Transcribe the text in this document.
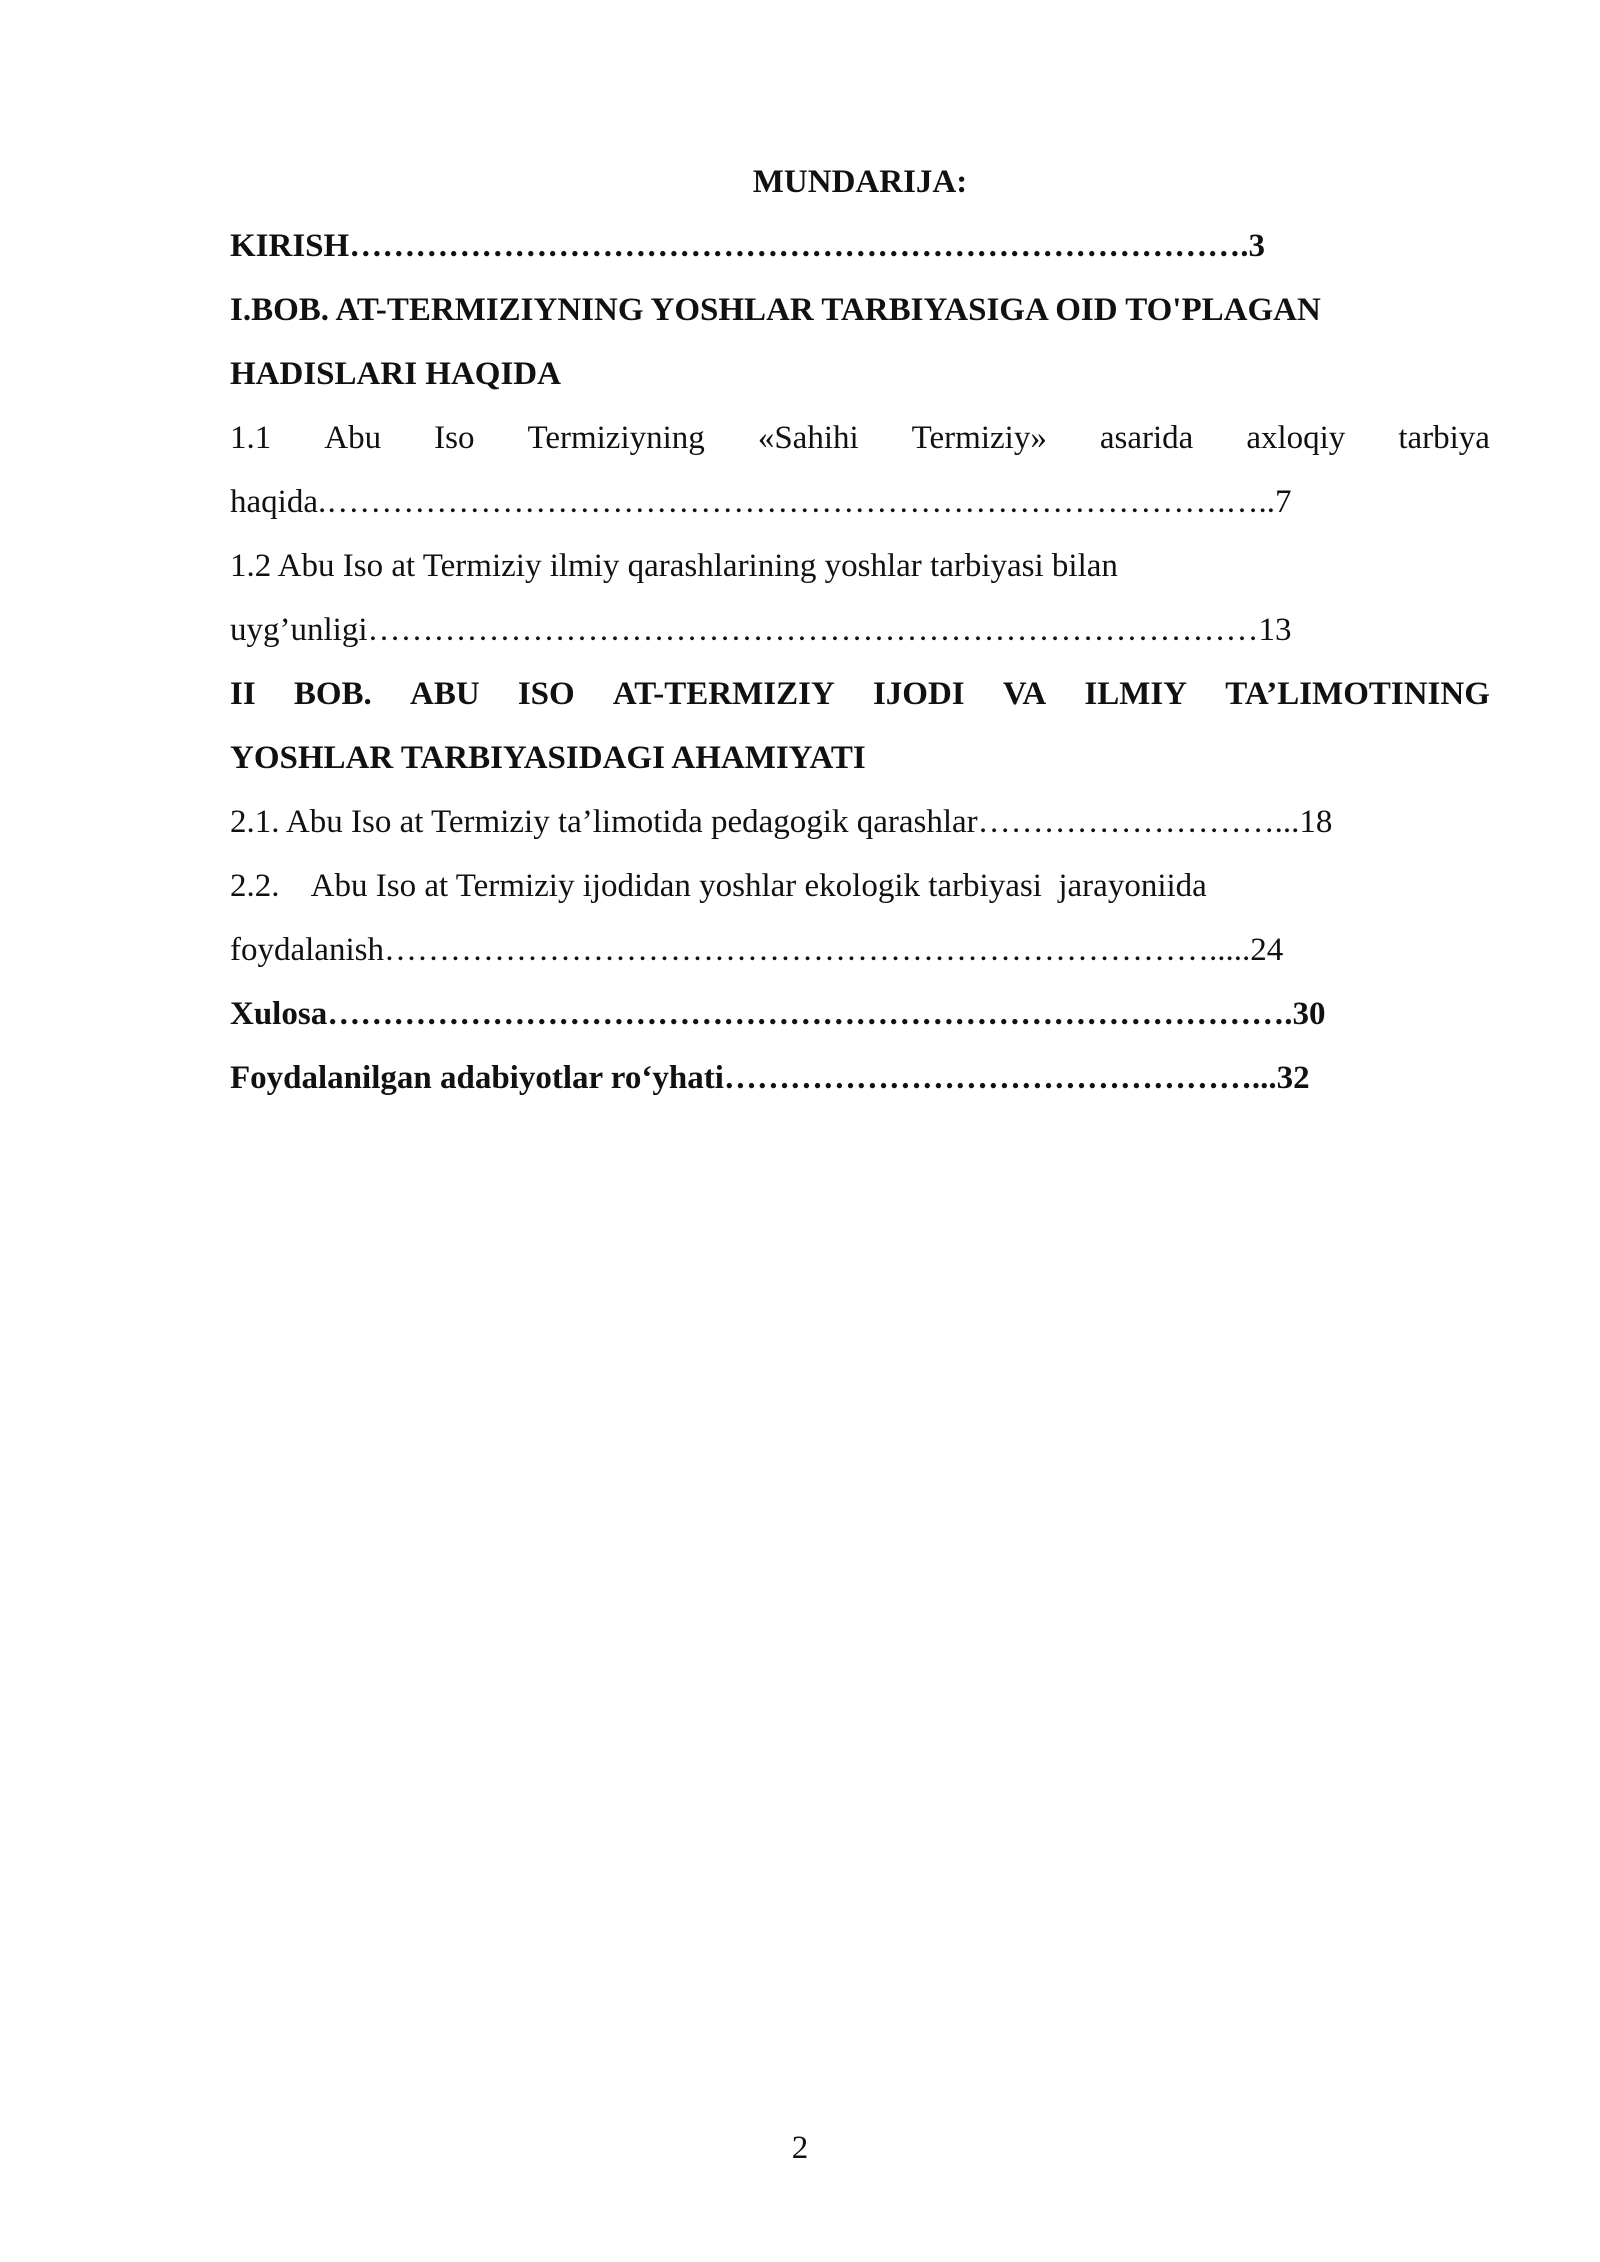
MUNDARIJA:
KIRISH……………………………………………………………………….3
I.BOB. AT-TERMIZIYNING YOSHLAR TARBIYASIGA OID TO'PLAGAN
HADISLARI HAQIDA
1.1 Abu Iso Termiziyning «Sahihi Termiziy» asarida axloqiy tarbiya
haqida.……………………………………………………………………….…..7
1.2 Abu Iso at Termiziy ilmiy qarashlarining yoshlar tarbiyasi bilan
uyg’unligi………………………………………………………………………13
II BOB. ABU ISO AT-TERMIZIY IJODI VA ILMIY TA’LIMOTINING
YOSHLAR TARBIYASIDAGI AHAMIYATI
2.1. Abu Iso at Termiziy ta’limotida pedagogik qarashlar………………………...18
2.2.    Abu Iso at Termiziy ijodidan yoshlar ekologik tarbiyasi  jarayoniida
foydalanish………………………………………………………………….....24
Xulosa…………………………………………………………………………….30
Foydalanilgan adabiyotlar ro‘yhati…………………………………………...32
2
